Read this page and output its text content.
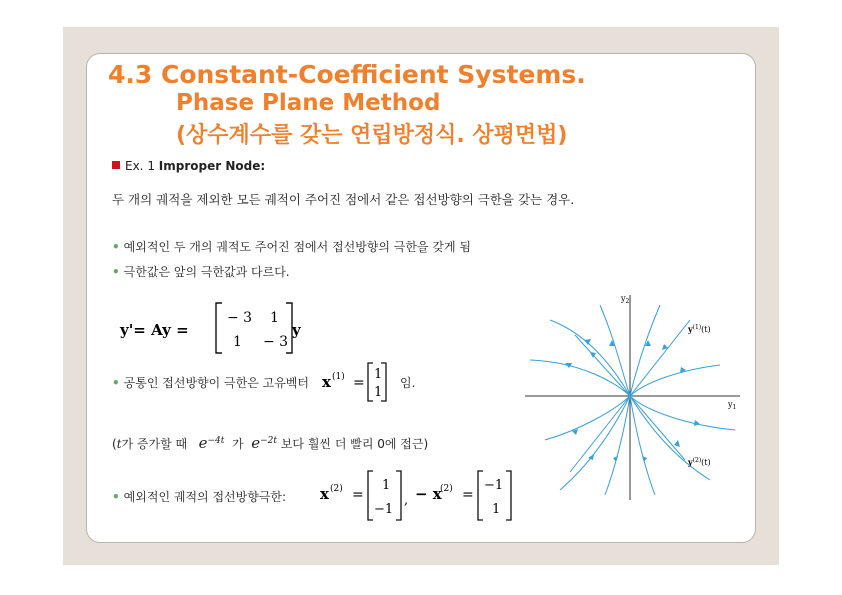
4.3 Constant-Coefficient Systems.
Phase Plane Method
(상수계수를 갖는 연립방정식. 상평면법)
Ex. 1 Improper Node:
두 개의 궤적을 제외한 모든 궤적이 주어진 점에서 같은 접선방향의 극한을 갖는 경우.
• 예외적인 두 개의 궤적도 주어진 점에서 접선방향의 극한을 갖게 됨
• 극한값은 앞의 극한값과 다르다.
y'= Ay =
− 3 1
1 − 3
y
• 공통인 접선방향이 극한은 고유벡터 x (1) =
1
1
임.
(t가 증가할 때 $e^{-4t}$ 가 $e^{-2t}$ 보다 훨씬 더 빨리 0에 접근)
• 예외적인 궤적의 접선방향극한: x (2) =
1
−1
, − x
(2) =
−1
1
$y_2$
$y_1$
$y^{(1)}(t)$
$y^{(2)}(t)$
